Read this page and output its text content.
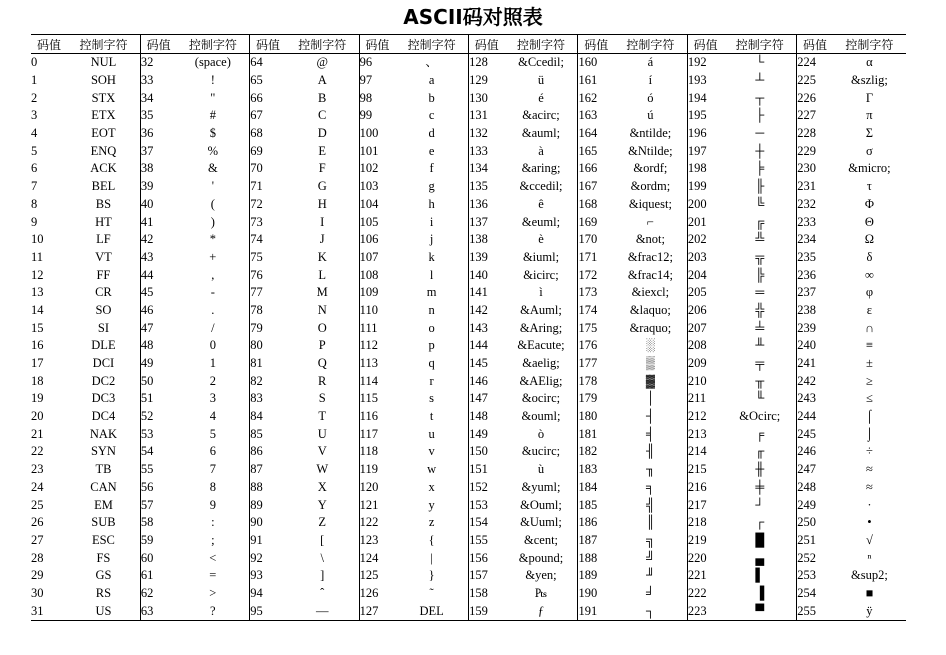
ASCII码对照表
码值	控制字符	码值	控制字符	码值	控制字符	码值	控制字符	码值	控制字符	码值	控制字符	码值	控制字符	码值	控制字符
0	NUL	32	(space)	64	@	96	、	128	&Ccedil;	160	á	192	└	224	α
1	SOH	33	!	65	A	97	a	129	ü	161	í	193	┴	225	&szlig;
2	STX	34	"	66	B	98	b	130	é	162	ó	194	┬	226	Γ
3	ETX	35	#	67	C	99	c	131	&acirc;	163	ú	195	├	227	π
4	EOT	36	$	68	D	100	d	132	&auml;	164	&ntilde;	196	─	228	Σ
5	ENQ	37	%	69	E	101	e	133	à	165	&Ntilde;	197	┼	229	σ
6	ACK	38	&	70	F	102	f	134	&aring;	166	&ordf;	198	╞	230	&micro;
7	BEL	39	'	71	G	103	g	135	&ccedil;	167	&ordm;	199	╟	231	τ
8	BS	40	(	72	H	104	h	136	ê	168	&iquest;	200	╚	232	Φ
9	HT	41	)	73	I	105	i	137	&euml;	169	⌐	201	╔	233	Θ
10	LF	42	*	74	J	106	j	138	è	170	&not;	202	╩	234	Ω
11	VT	43	+	75	K	107	k	139	&iuml;	171	&frac12;	203	╦	235	δ
12	FF	44	,	76	L	108	l	140	&icirc;	172	&frac14;	204	╠	236	∞
13	CR	45	-	77	M	109	m	141	ì	173	&iexcl;	205	═	237	φ
14	SO	46	.	78	N	110	n	142	&Auml;	174	&laquo;	206	╬	238	ε
15	SI	47	/	79	O	111	o	143	&Aring;	175	&raquo;	207	╧	239	∩
16	DLE	48	0	80	P	112	p	144	&Eacute;	176	░	208	╨	240	≡
17	DCI	49	1	81	Q	113	q	145	&aelig;	177	▒	209	╤	241	±
18	DC2	50	2	82	R	114	r	146	&AElig;	178	▓	210	╥	242	≥
19	DC3	51	3	83	S	115	s	147	&ocirc;	179	│	211	╙	243	≤
20	DC4	52	4	84	T	116	t	148	&ouml;	180	┤	212	&Ocirc;	244	⌠
21	NAK	53	5	85	U	117	u	149	ò	181	╡	213	╒	245	⌡
22	SYN	54	6	86	V	118	v	150	&ucirc;	182	╢	214	╓	246	÷
23	TB	55	7	87	W	119	w	151	ù	183	╖	215	╫	247	≈
24	CAN	56	8	88	X	120	x	152	&yuml;	184	╕	216	╪	248	≈
25	EM	57	9	89	Y	121	y	153	&Ouml;	185	╣	217	┘	249	·
26	SUB	58	:	90	Z	122	z	154	&Uuml;	186	║	218	┌	250	•
27	ESC	59	;	91	[	123	{	155	&cent;	187	╗	219	█	251	√
28	FS	60	<	92	\	124	|	156	&pound;	188	╝	220	▄	252	ⁿ
29	GS	61	=	93	]	125	}	157	&yen;	189	╜	221	▌	253	&sup2;
30	RS	62	>	94	ˆ	126	˜	158	₧	190	╛	222	▐	254	■
31	US	63	?	95	—	127	DEL	159	ƒ	191	┐	223	▀	255	ÿ
